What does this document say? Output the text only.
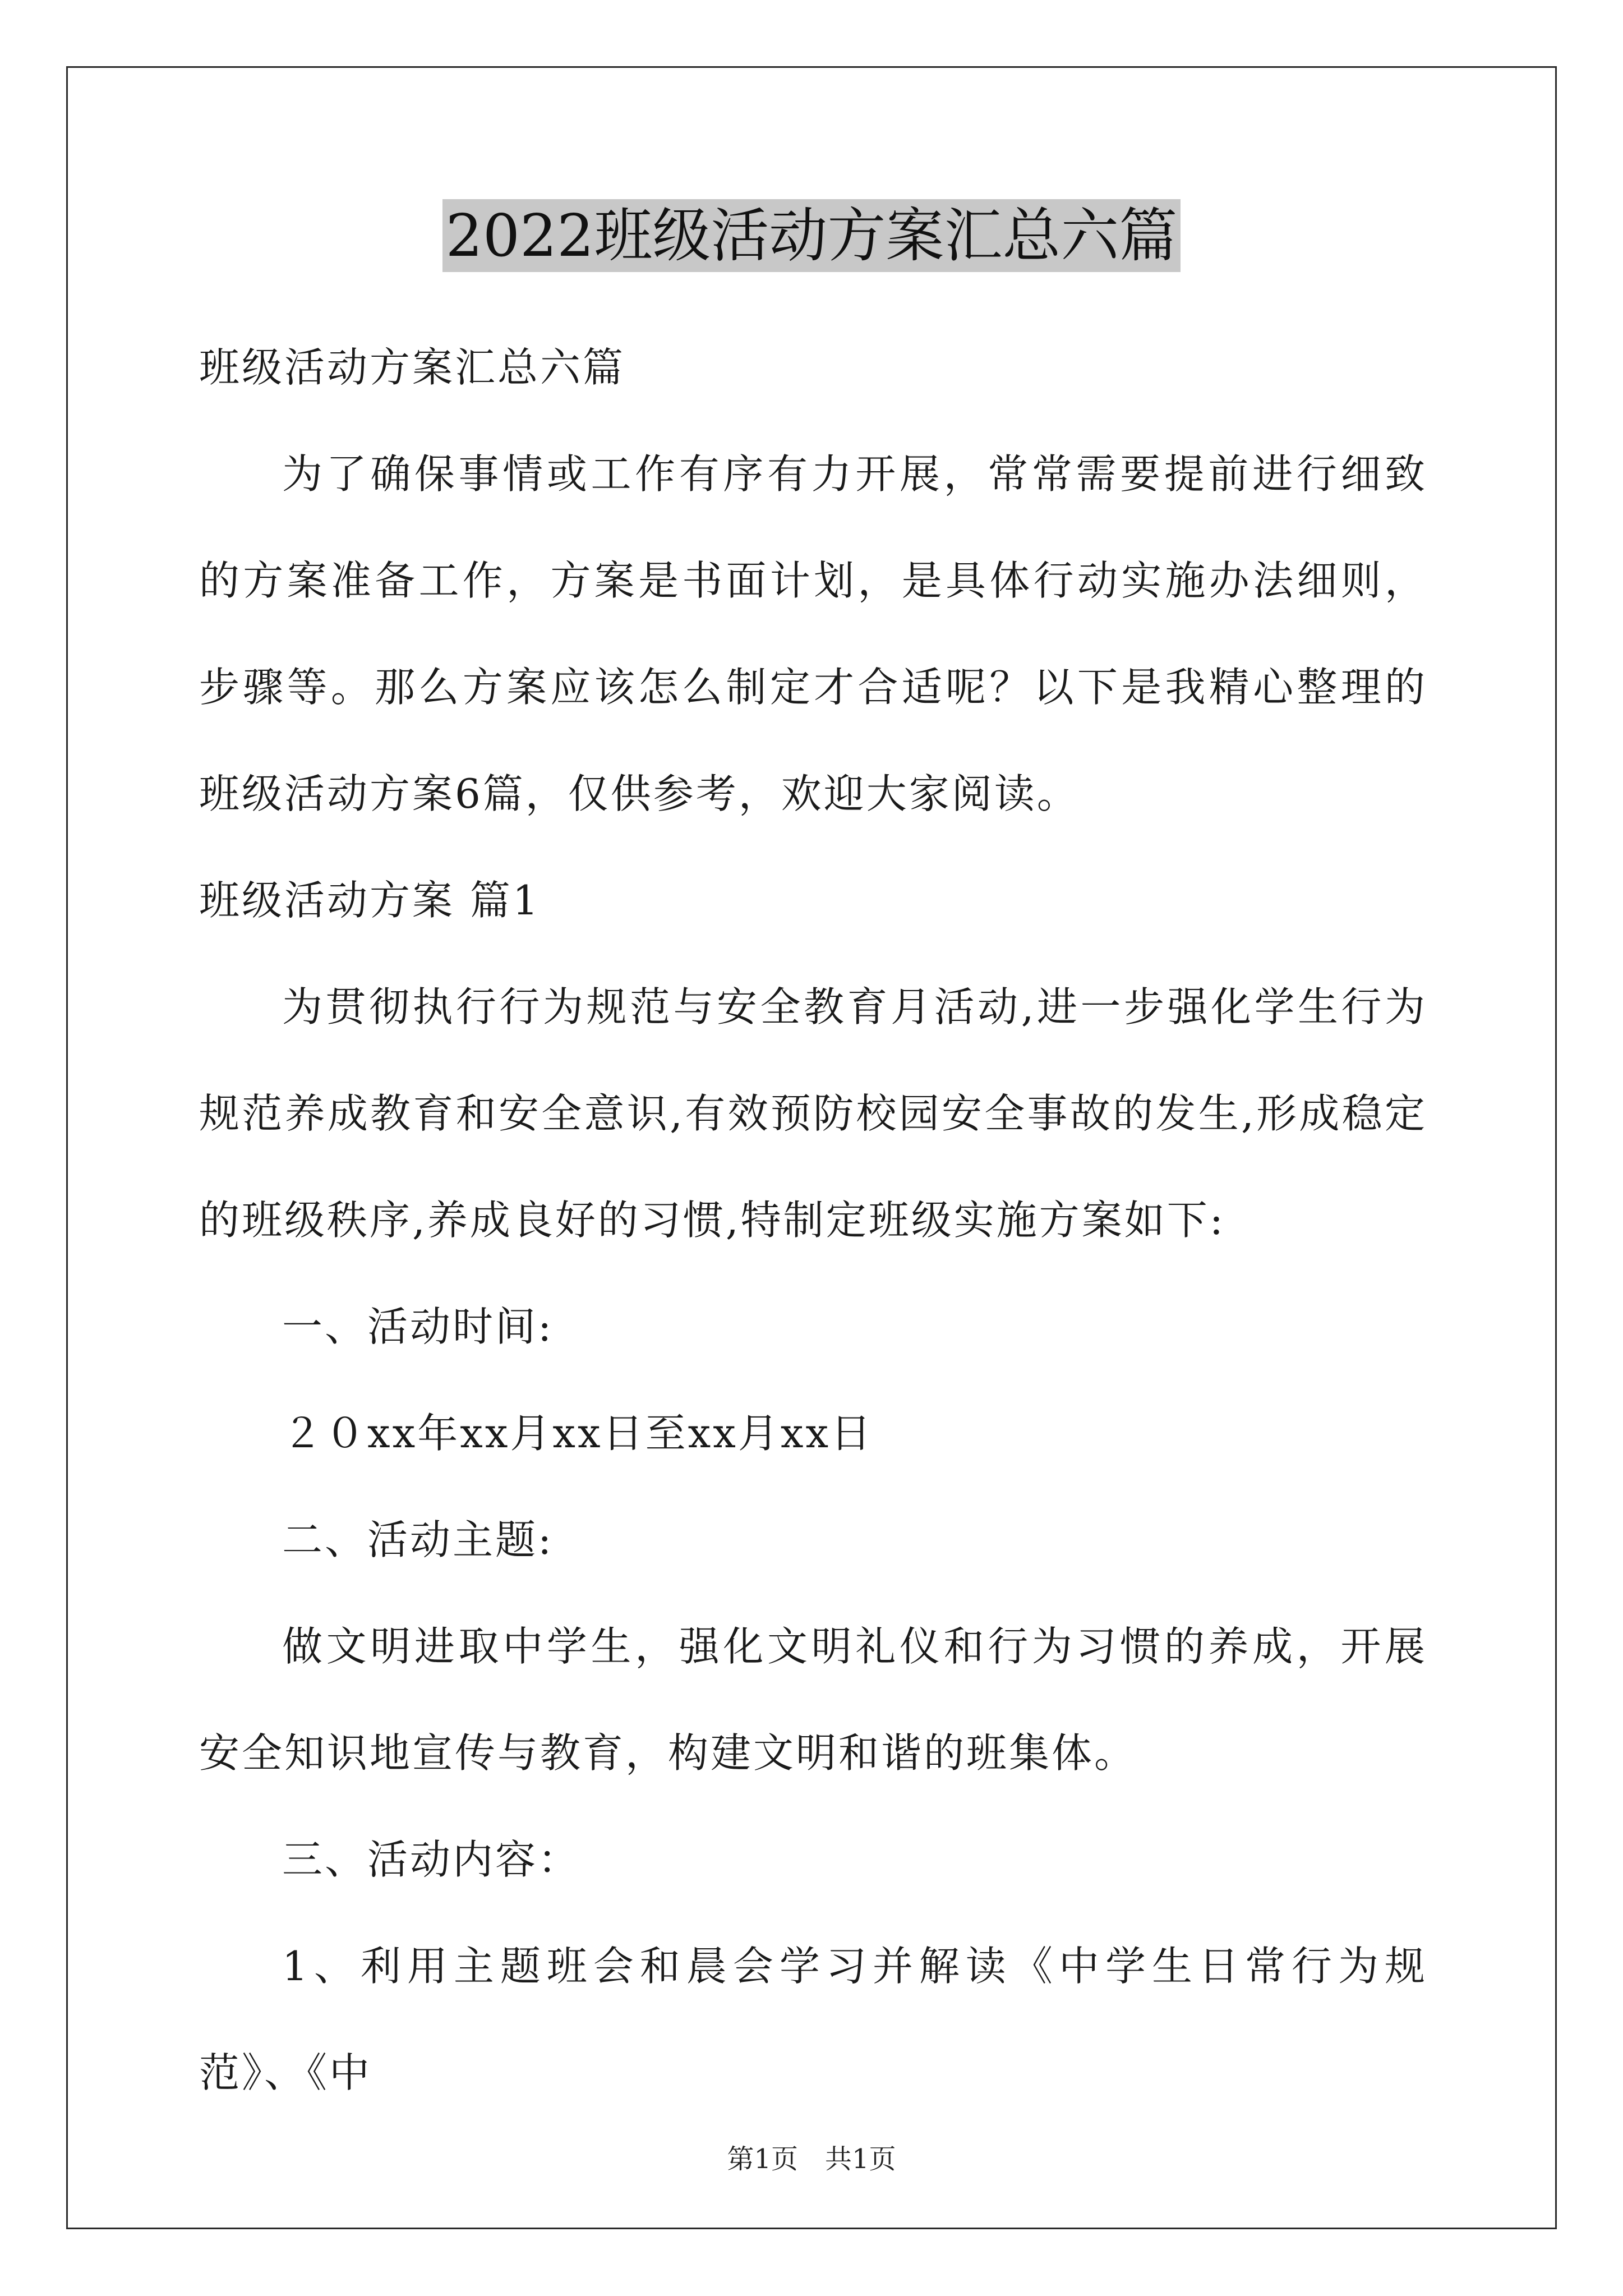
2022班级活动方案汇总六篇

班级活动方案汇总六篇

为了确保事情或工作有序有力开展，常常需要提前进行细致的方案准备工作，方案是书面计划，是具体行动实施办法细则，步骤等。那么方案应该怎么制定才合适呢？以下是我精心整理的班级活动方案6篇，仅供参考，欢迎大家阅读。

班级活动方案 篇1

为贯彻执行行为规范与安全教育月活动,进一步强化学生行为规范养成教育和安全意识,有效预防校园安全事故的发生,形成稳定的班级秩序,养成良好的习惯,特制定班级实施方案如下:

一、活动时间:

２０xx年xx月xx日至xx月xx日

二、活动主题:

做文明进取中学生，强化文明礼仪和行为习惯的养成，开展安全知识地宣传与教育，构建文明和谐的班集体。

三、活动内容：

1、利用主题班会和晨会学习并解读《中学生日常行为规范》、《中

第1页　共1页
